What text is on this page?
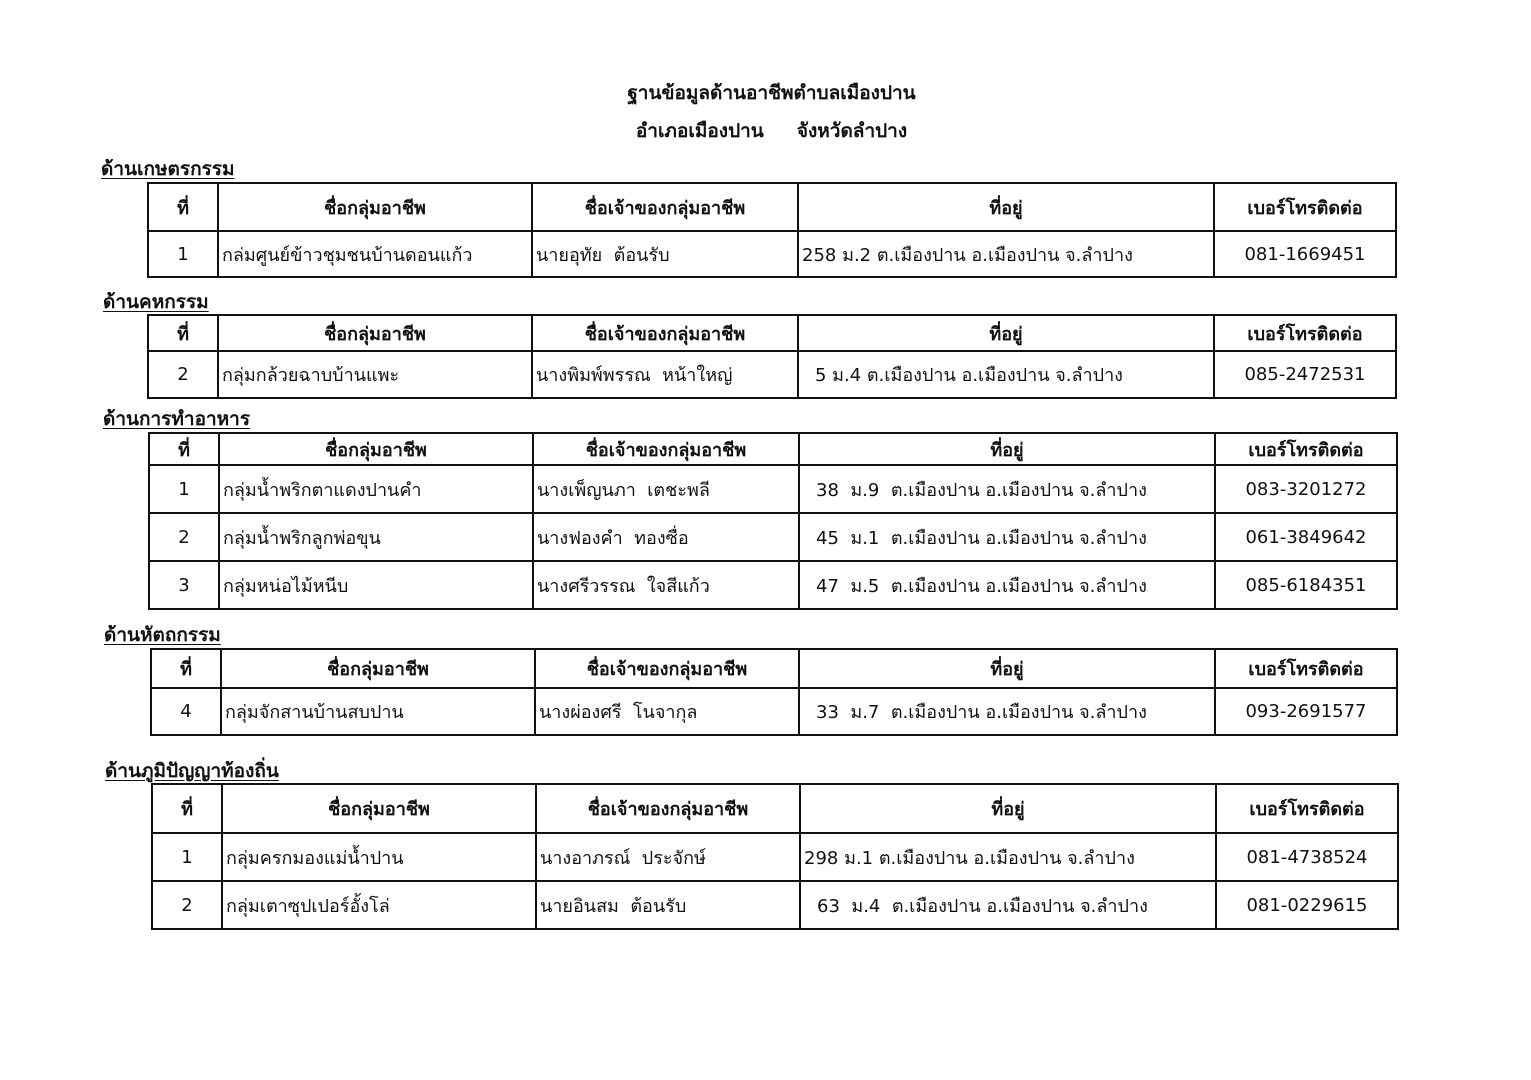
ฐานข้อมูลด้านอาชีพตำบลเมืองปาน
อำเภอเมืองปาน     จังหวัดลำปาง
ด้านเกษตรกรรม
ที่	ชื่อกลุ่มอาชีพ	ชื่อเจ้าของกลุ่มอาชีพ	ที่อยู่	เบอร์โทรติดต่อ
1	กล่มศูนย์ข้าวชุมชนบ้านดอนแก้ว	นายอุทัย  ต้อนรับ	258 ม.2 ต.เมืองปาน อ.เมืองปาน จ.ลำปาง	081-1669451
ด้านคหกรรม
ที่	ชื่อกลุ่มอาชีพ	ชื่อเจ้าของกลุ่มอาชีพ	ที่อยู่	เบอร์โทรติดต่อ
2	กลุ่มกล้วยฉาบบ้านแพะ	นางพิมพ์พรรณ  หน้าใหญ่	5 ม.4 ต.เมืองปาน อ.เมืองปาน จ.ลำปาง	085-2472531
ด้านการทำอาหาร
ที่	ชื่อกลุ่มอาชีพ	ชื่อเจ้าของกลุ่มอาชีพ	ที่อยู่	เบอร์โทรติดต่อ
1	กลุ่มน้ำพริกตาแดงปานคำ	นางเพ็ญนภา  เตชะพลี	38  ม.9  ต.เมืองปาน อ.เมืองปาน จ.ลำปาง	083-3201272
2	กลุ่มน้ำพริกลูกพ่อขุน	นางฟองคำ  ทองซื่อ	45  ม.1  ต.เมืองปาน อ.เมืองปาน จ.ลำปาง	061-3849642
3	กลุ่มหน่อไม้หนีบ	นางศรีวรรณ  ใจสีแก้ว	47  ม.5  ต.เมืองปาน อ.เมืองปาน จ.ลำปาง	085-6184351
ด้านหัตถกรรม
ที่	ชื่อกลุ่มอาชีพ	ชื่อเจ้าของกลุ่มอาชีพ	ที่อยู่	เบอร์โทรติดต่อ
4	กลุ่มจักสานบ้านสบปาน	นางผ่องศรี  โนจากุล	33  ม.7  ต.เมืองปาน อ.เมืองปาน จ.ลำปาง	093-2691577
ด้านภูมิปัญญาท้องถิ่น
ที่	ชื่อกลุ่มอาชีพ	ชื่อเจ้าของกลุ่มอาชีพ	ที่อยู่	เบอร์โทรติดต่อ
1	กลุ่มครกมองแม่น้ำปาน	นางอาภรณ์  ประจักษ์	298 ม.1 ต.เมืองปาน อ.เมืองปาน จ.ลำปาง	081-4738524
2	กลุ่มเตาซุปเปอร์อั้งโล่	นายอินสม  ต้อนรับ	63  ม.4  ต.เมืองปาน อ.เมืองปาน จ.ลำปาง	081-0229615
